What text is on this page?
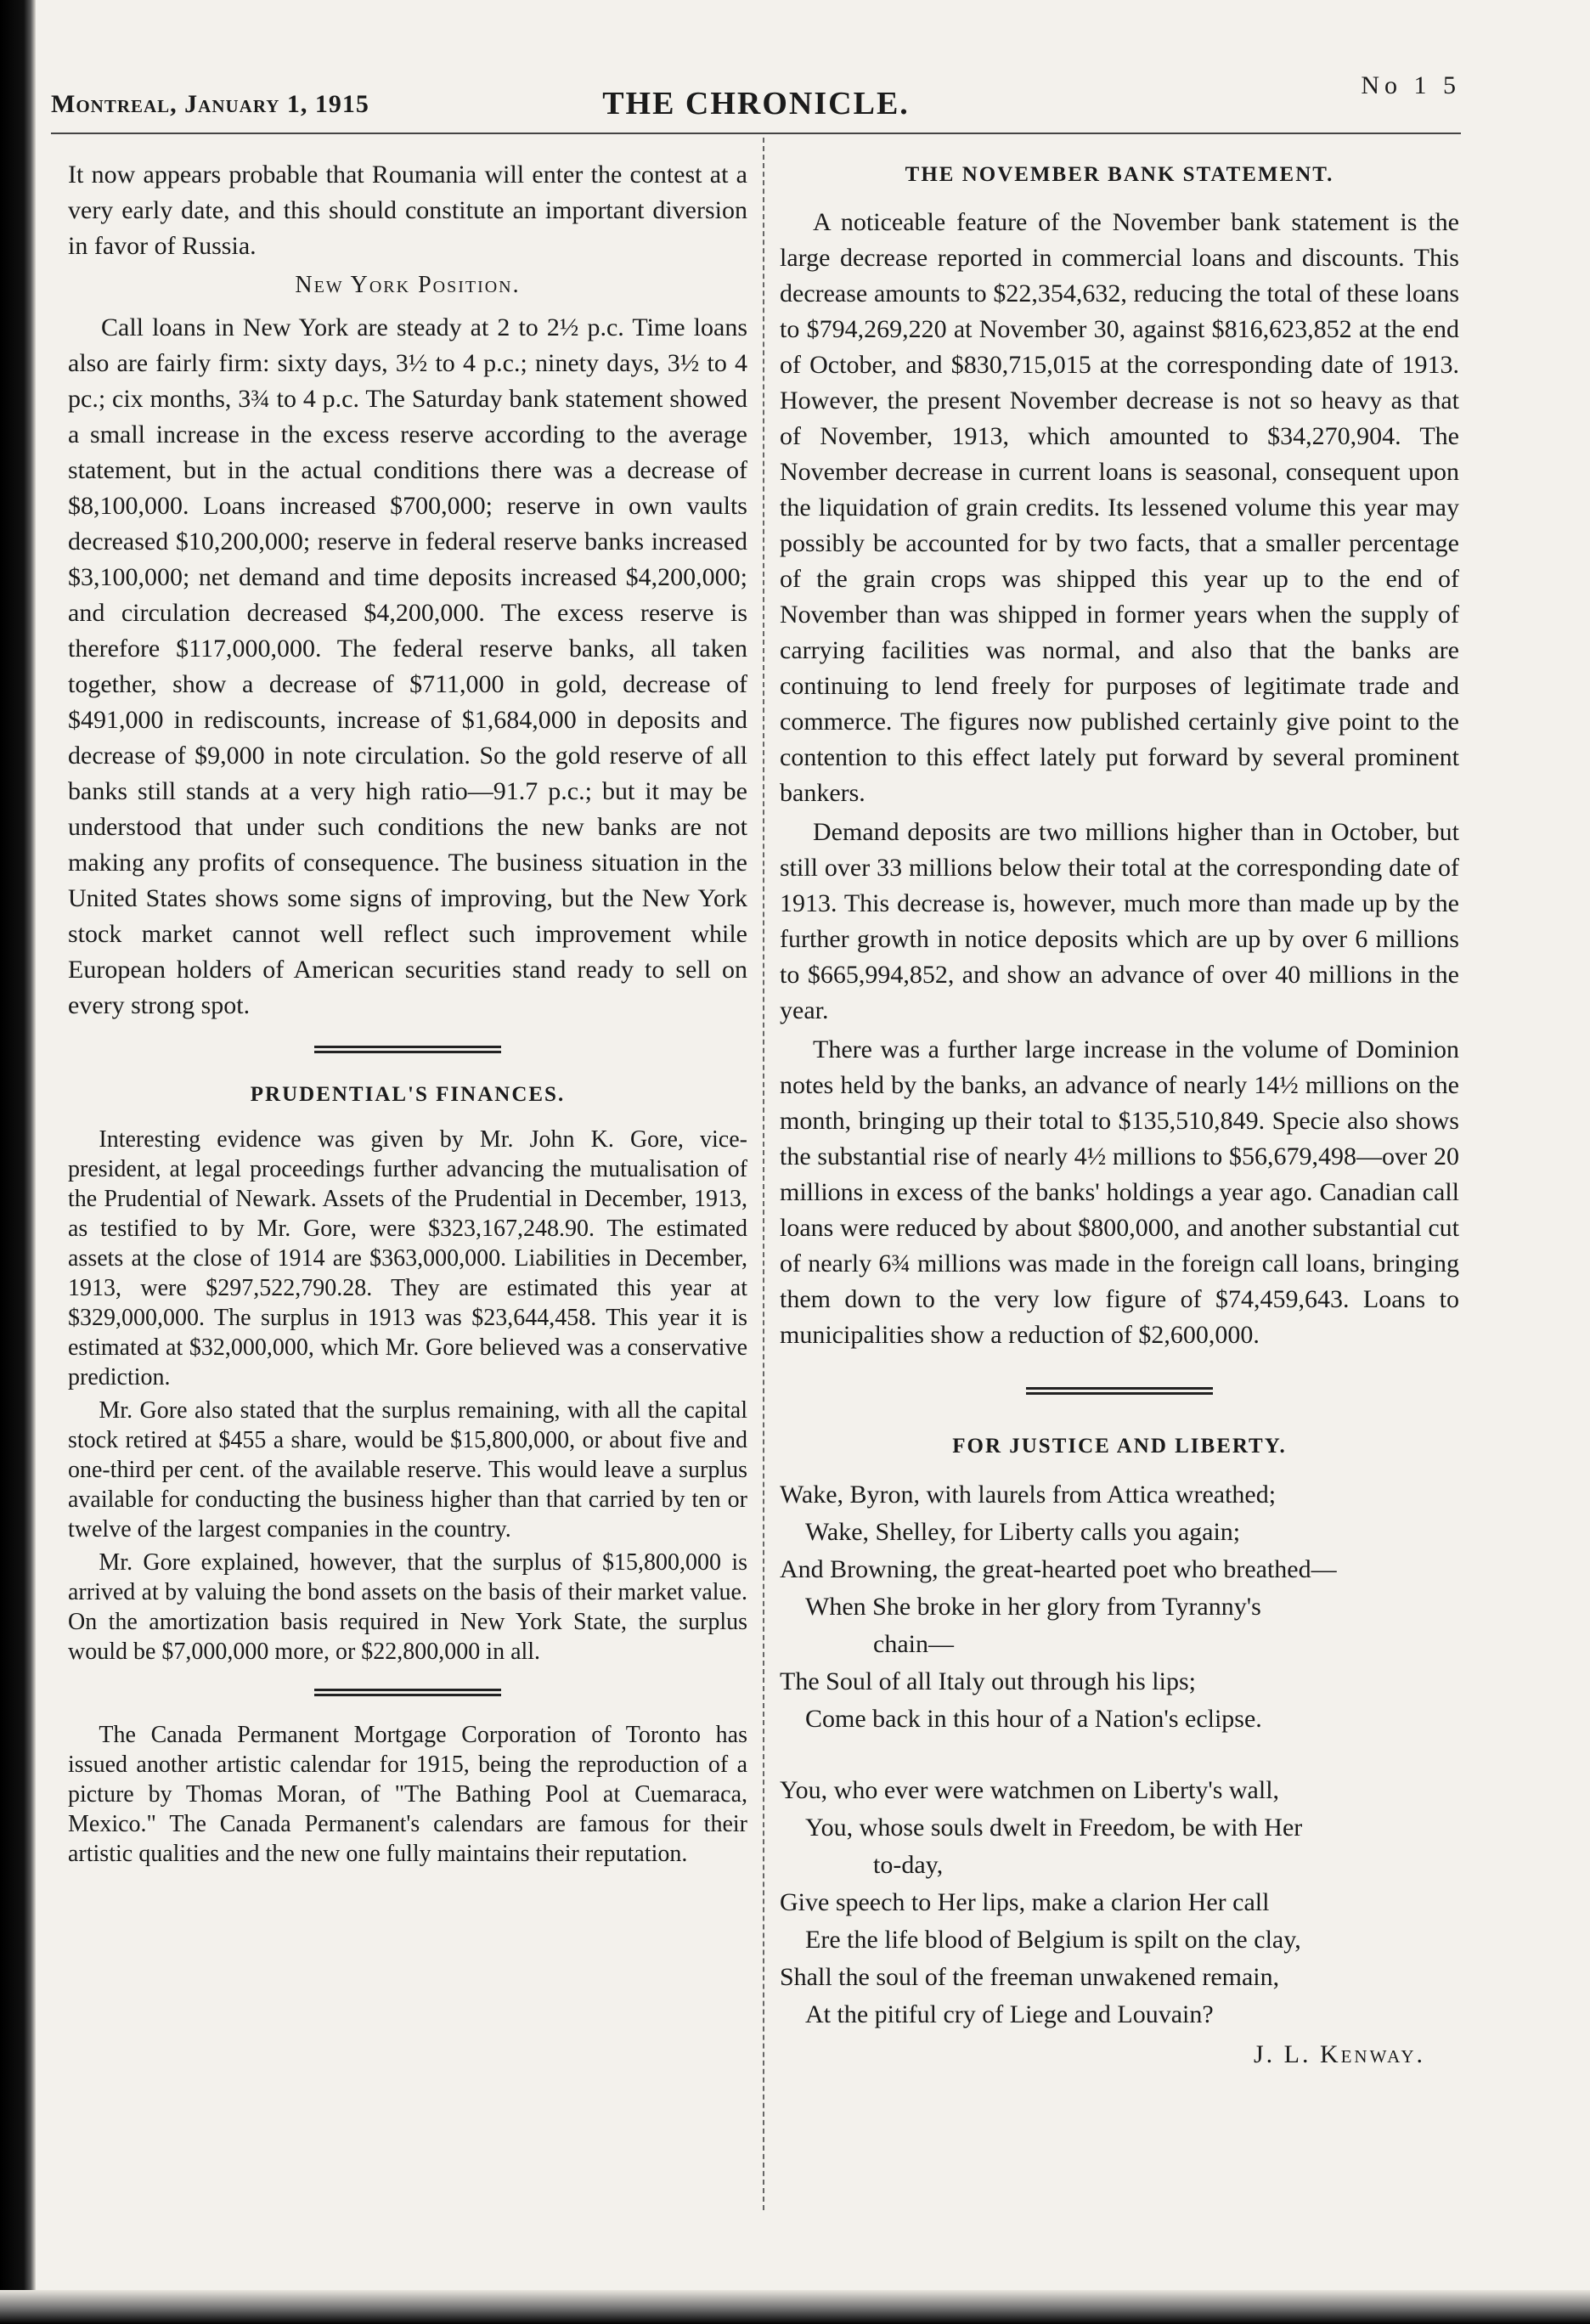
Montreal, January 1, 1915	THE CHRONICLE.
No 1 5

It now appears probable that Roumania will enter the contest at a very early date, and this should constitute an important diversion in favor of Russia.

New York Position.

Call loans in New York are steady at 2 to 2½ p.c. Time loans also are fairly firm: sixty days, 3½ to 4 p.c.; ninety days, 3½ to 4 pc.; cix months, 3¾ to 4 p.c. The Saturday bank statement showed a small increase in the excess reserve according to the average statement, but in the actual conditions there was a decrease of $8,100,000. Loans increased $700,000; reserve in own vaults decreased $10,200,000; reserve in federal reserve banks increased $3,100,000; net demand and time deposits increased $4,200,000; and circulation decreased $4,200,000. The excess reserve is therefore $117,000,000. The federal reserve banks, all taken together, show a decrease of $711,000 in gold, decrease of $491,000 in rediscounts, increase of $1,684,000 in deposits and decrease of $9,000 in note circulation. So the gold reserve of all banks still stands at a very high ratio—91.7 p.c.; but it may be understood that under such conditions the new banks are not making any profits of consequence. The business situation in the United States shows some signs of improving, but the New York stock market cannot well reflect such improvement while European holders of American securities stand ready to sell on every strong spot.

PRUDENTIAL'S FINANCES.

Interesting evidence was given by Mr. John K. Gore, vice-president, at legal proceedings further advancing the mutualisation of the Prudential of Newark. Assets of the Prudential in December, 1913, as testified to by Mr. Gore, were $323,167,248.90. The estimated assets at the close of 1914 are $363,000,000. Liabilities in December, 1913, were $297,522,790.28. They are estimated this year at $329,000,000. The surplus in 1913 was $23,644,458. This year it is estimated at $32,000,000, which Mr. Gore believed was a conservative prediction.

Mr. Gore also stated that the surplus remaining, with all the capital stock retired at $455 a share, would be $15,800,000, or about five and one-third per cent. of the available reserve. This would leave a surplus available for conducting the business higher than that carried by ten or twelve of the largest companies in the country.

Mr. Gore explained, however, that the surplus of $15,800,000 is arrived at by valuing the bond assets on the basis of their market value. On the amortization basis required in New York State, the surplus would be $7,000,000 more, or $22,800,000 in all.

The Canada Permanent Mortgage Corporation of Toronto has issued another artistic calendar for 1915, being the reproduction of a picture by Thomas Moran, of "The Bathing Pool at Cuemaraca, Mexico." The Canada Permanent's calendars are famous for their artistic qualities and the new one fully maintains their reputation.

THE NOVEMBER BANK STATEMENT.

A noticeable feature of the November bank statement is the large decrease reported in commercial loans and discounts. This decrease amounts to $22,354,632, reducing the total of these loans to $794,269,220 at November 30, against $816,623,852 at the end of October, and $830,715,015 at the corresponding date of 1913. However, the present November decrease is not so heavy as that of November, 1913, which amounted to $34,270,904. The November decrease in current loans is seasonal, consequent upon the liquidation of grain credits. Its lessened volume this year may possibly be accounted for by two facts, that a smaller percentage of the grain crops was shipped this year up to the end of November than was shipped in former years when the supply of carrying facilities was normal, and also that the banks are continuing to lend freely for purposes of legitimate trade and commerce. The figures now published certainly give point to the contention to this effect lately put forward by several prominent bankers.

Demand deposits are two millions higher than in October, but still over 33 millions below their total at the corresponding date of 1913. This decrease is, however, much more than made up by the further growth in notice deposits which are up by over 6 millions to $665,994,852, and show an advance of over 40 millions in the year.

There was a further large increase in the volume of Dominion notes held by the banks, an advance of nearly 14½ millions on the month, bringing up their total to $135,510,849. Specie also shows the substantial rise of nearly 4½ millions to $56,679,498—over 20 millions in excess of the banks' holdings a year ago. Canadian call loans were reduced by about $800,000, and another substantial cut of nearly 6¾ millions was made in the foreign call loans, bringing them down to the very low figure of $74,459,643. Loans to municipalities show a reduction of $2,600,000.

FOR JUSTICE AND LIBERTY.
Wake, Byron, with laurels from Attica wreathed;
Wake, Shelley, for Liberty calls you again;
And Browning, the great-hearted poet who breathed—
When She broke in her glory from Tyranny's
chain—
The Soul of all Italy out through his lips;
Come back in this hour of a Nation's eclipse.
You, who ever were watchmen on Liberty's wall,
You, whose souls dwelt in Freedom, be with Her
to-day,
Give speech to Her lips, make a clarion Her call
Ere the life blood of Belgium is spilt on the clay,
Shall the soul of the freeman unwakened remain,
At the pitiful cry of Liege and Louvain?
J. L. Kenway.
